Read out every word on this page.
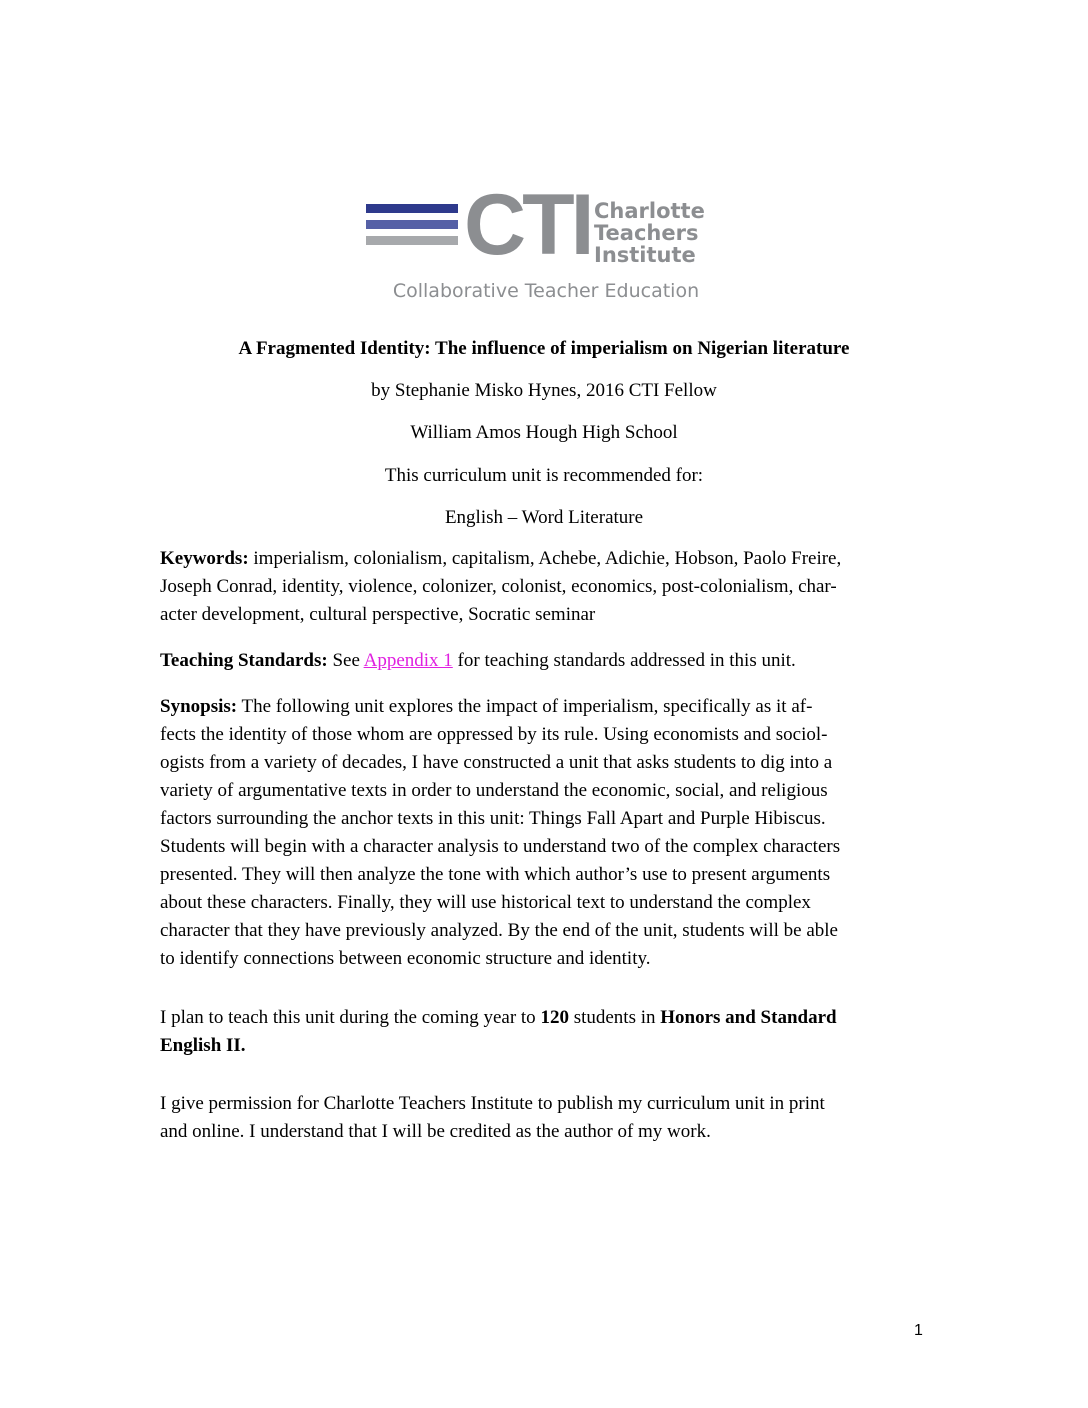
CTI Charlotte
Teachers
Institute
Collaborative Teacher Education
A Fragmented Identity: The influence of imperialism on Nigerian literature
by Stephanie Misko Hynes, 2016 CTI Fellow
William Amos Hough High School
This curriculum unit is recommended for:
English – Word Literature
Keywords: imperialism, colonialism, capitalism, Achebe, Adichie, Hobson, Paolo Freire,
Joseph Conrad, identity, violence, colonizer, colonist, economics, post-colonialism, char-
acter development, cultural perspective, Socratic seminar
Teaching Standards: See Appendix 1 for teaching standards addressed in this unit.
Synopsis: The following unit explores the impact of imperialism, specifically as it af-
fects the identity of those whom are oppressed by its rule. Using economists and sociol-
ogists from a variety of decades, I have constructed a unit that asks students to dig into a
variety of argumentative texts in order to understand the economic, social, and religious
factors surrounding the anchor texts in this unit: Things Fall Apart and Purple Hibiscus.
Students will begin with a character analysis to understand two of the complex characters
presented. They will then analyze the tone with which author’s use to present arguments
about these characters. Finally, they will use historical text to understand the complex
character that they have previously analyzed. By the end of the unit, students will be able
to identify connections between economic structure and identity.
I plan to teach this unit during the coming year to 120 students in Honors and Standard
English II.
I give permission for Charlotte Teachers Institute to publish my curriculum unit in print
and online. I understand that I will be credited as the author of my work.
1
